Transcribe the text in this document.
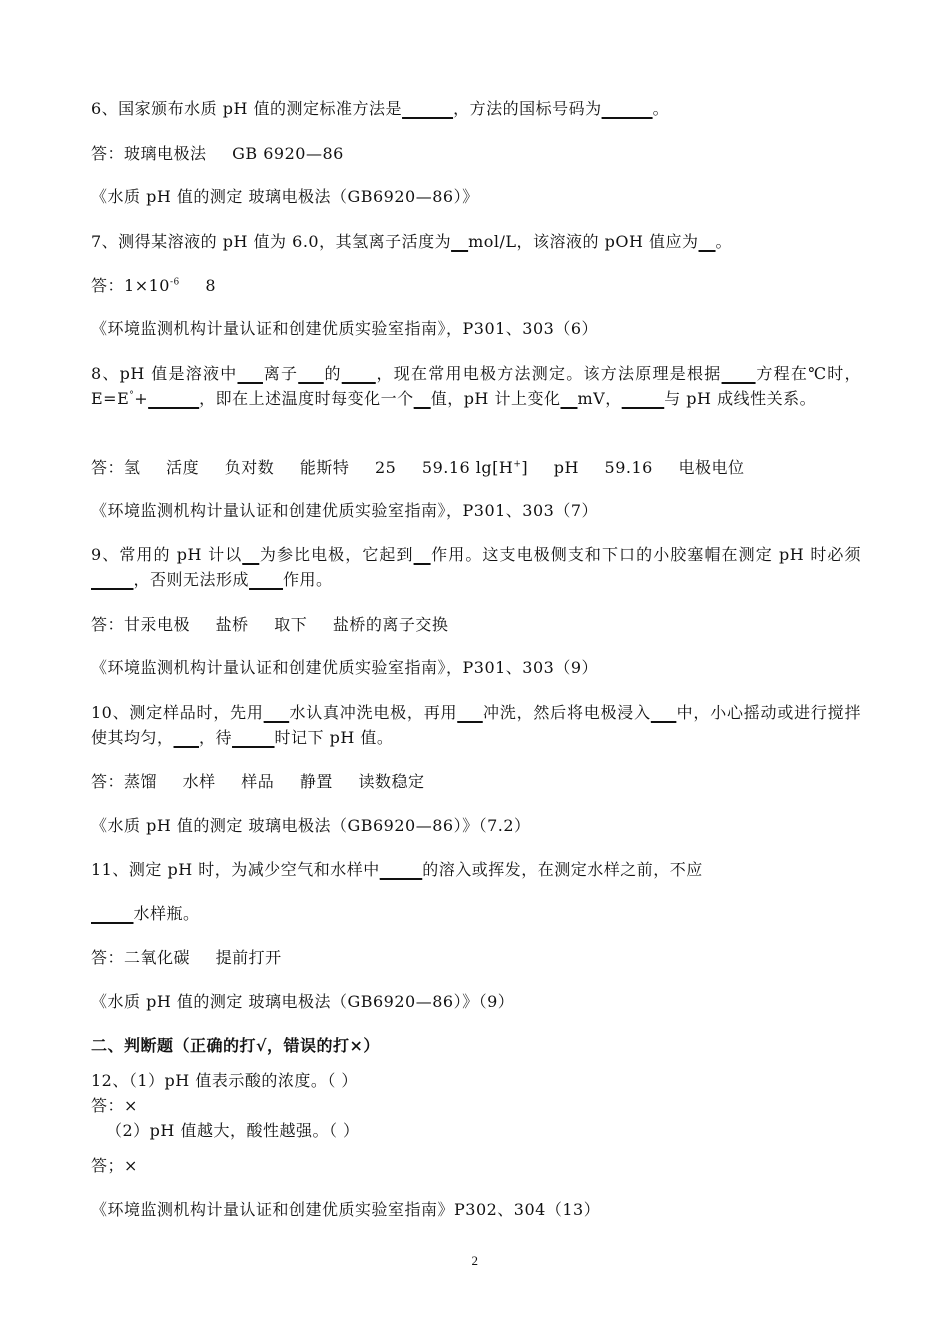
6、国家颁布水质 pH 值的测定标准方法是______，方法的国标号码为______。
答：玻璃电极法 GB 6920—86
《水质 pH 值的测定 玻璃电极法（GB6920—86）》
7、测得某溶液的 pH 值为 6.0，其氢离子活度为__mol/L，该溶液的 pOH 值应为__。
答：$1\times 10^{-6}$ 8
《环境监测机构计量认证和创建优质实验室指南》，P301、303（6）
8、pH 值是溶液中___离子___的____，现在常用电极方法测定。该方法原理是根据____方程在℃时，E=E°+______，即在上述温度时每变化一个__值，pH 计上变化__mV，_____与 pH 成线性关系。
答：氢 活度 负对数 能斯特 25 59.16 lg[H+] pH 59.16 电极电位
《环境监测机构计量认证和创建优质实验室指南》，P301、303（7）
9、常用的 pH 计以__为参比电极，它起到__作用。这支电极侧支和下口的小胶塞帽在测定 pH 时必须_____，否则无法形成____作用。
答：甘汞电极 盐桥 取下 盐桥的离子交换
《环境监测机构计量认证和创建优质实验室指南》，P301、303（9）
10、测定样品时，先用___水认真冲洗电极，再用___冲洗，然后将电极浸入___中，小心摇动或进行搅拌使其均匀，___，待_____时记下 pH 值。
答：蒸馏 水样 样品 静置 读数稳定
《水质 pH 值的测定 玻璃电极法（GB6920—86）》（7.2）
11、测定 pH 时，为减少空气和水样中_____的溶入或挥发，在测定水样之前，不应
_____水样瓶。
答：二氧化碳 提前打开
《水质 pH 值的测定 玻璃电极法（GB6920—86）》（9）
二、判断题（正确的打√，错误的打×）
12、（1）pH 值表示酸的浓度。（ ）
答：×
（2）pH 值越大，酸性越强。（ ）
答；×
《环境监测机构计量认证和创建优质实验室指南》P302、304（13）
2
